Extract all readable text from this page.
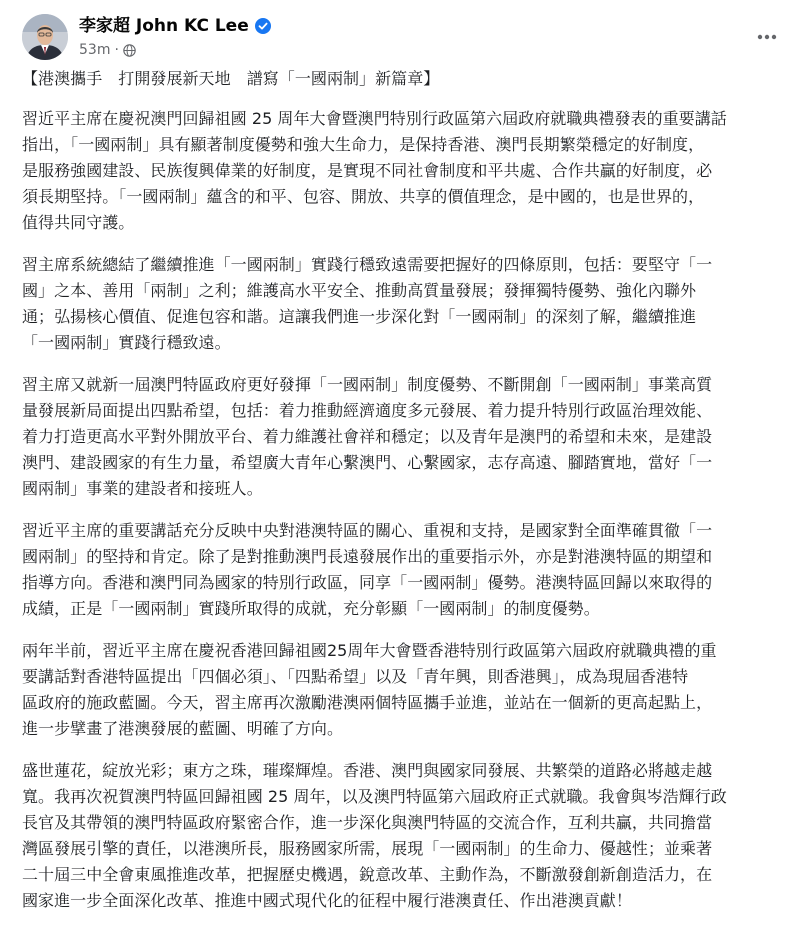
李家超 John KC Lee
53m ·

【港澳攜手　打開發展新天地　譜寫「一國兩制」新篇章】

習近平主席在慶祝澳門回歸祖國 25 周年大會暨澳門特別行政區第六屆政府就職典禮發表的重要講話
指出，「一國兩制」具有顯著制度優勢和強大生命力，是保持香港、澳門長期繁榮穩定的好制度，
是服務強國建設、民族復興偉業的好制度，是實現不同社會制度和平共處、合作共贏的好制度，必
須長期堅持。「一國兩制」蘊含的和平、包容、開放、共享的價值理念，是中國的，也是世界的，
值得共同守護。

習主席系統總結了繼續推進「一國兩制」實踐行穩致遠需要把握好的四條原則，包括：要堅守「一
國」之本、善用「兩制」之利；維護高水平安全、推動高質量發展；發揮獨特優勢、強化內聯外
通；弘揚核心價值、促進包容和諧。這讓我們進一步深化對「一國兩制」的深刻了解，繼續推進
「一國兩制」實踐行穩致遠。

習主席又就新一屆澳門特區政府更好發揮「一國兩制」制度優勢、不斷開創「一國兩制」事業高質
量發展新局面提出四點希望，包括：着力推動經濟適度多元發展、着力提升特別行政區治理效能、
着力打造更高水平對外開放平台、着力維護社會祥和穩定；以及青年是澳門的希望和未來，是建設
澳門、建設國家的有生力量，希望廣大青年心繫澳門、心繫國家，志存高遠、腳踏實地，當好「一
國兩制」事業的建設者和接班人。

習近平主席的重要講話充分反映中央對港澳特區的關心、重視和支持，是國家對全面準確貫徹「一
國兩制」的堅持和肯定。除了是對推動澳門長遠發展作出的重要指示外，亦是對港澳特區的期望和
指導方向。香港和澳門同為國家的特別行政區，同享「一國兩制」優勢。港澳特區回歸以來取得的
成績，正是「一國兩制」實踐所取得的成就，充分彰顯「一國兩制」的制度優勢。

兩年半前，習近平主席在慶祝香港回歸祖國25周年大會暨香港特別行政區第六屆政府就職典禮的重
要講話對香港特區提出「四個必須」、「四點希望」以及「青年興，則香港興」，成為現屆香港特
區政府的施政藍圖。今天，習主席再次激勵港澳兩個特區攜手並進，並站在一個新的更高起點上，
進一步擘畫了港澳發展的藍圖、明確了方向。

盛世蓮花，綻放光彩；東方之珠，璀璨輝煌。香港、澳門與國家同發展、共繁榮的道路必將越走越
寬。我再次祝賀澳門特區回歸祖國 25 周年，以及澳門特區第六屆政府正式就職。我會與岑浩輝行政
長官及其帶領的澳門特區政府緊密合作，進一步深化與澳門特區的交流合作，互利共贏，共同擔當
灣區發展引擎的責任，以港澳所長，服務國家所需，展現「一國兩制」的生命力、優越性；並乘著
二十屆三中全會東風推進改革，把握歷史機遇，銳意改革、主動作為，不斷激發創新創造活力，在
國家進一步全面深化改革、推進中國式現代化的征程中履行港澳責任、作出港澳貢獻！
